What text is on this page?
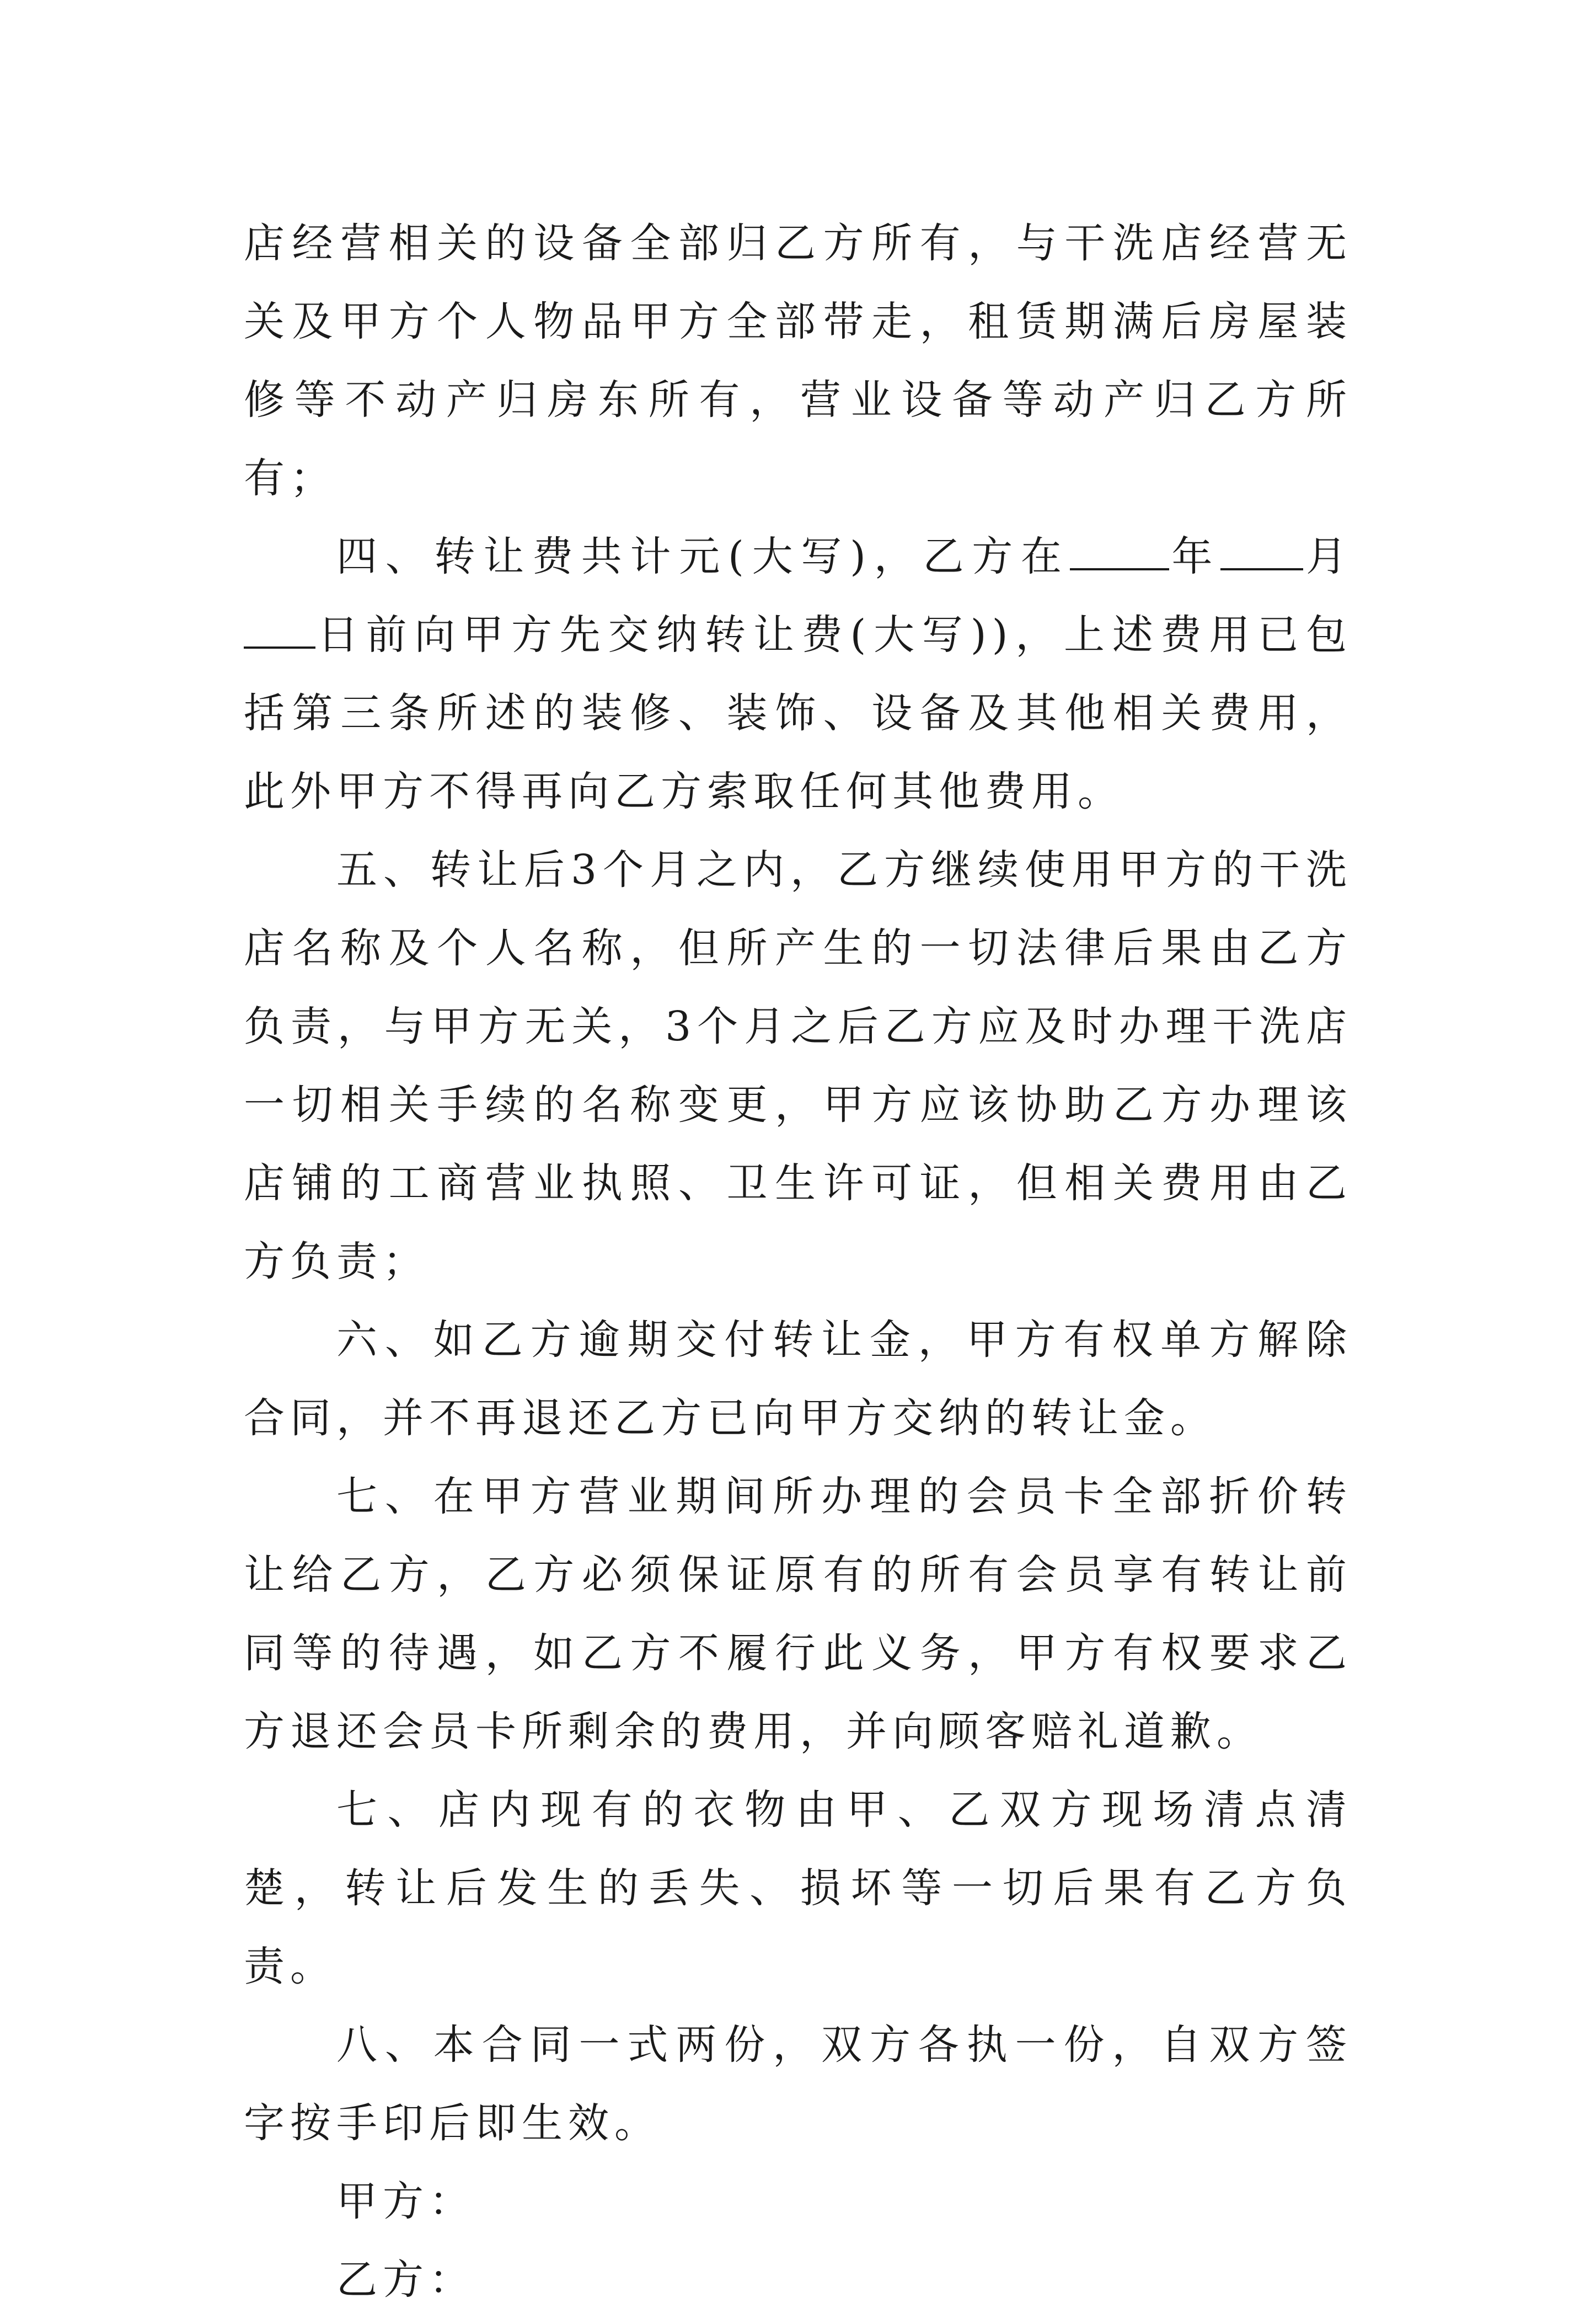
店经营相关的设备全部归乙方所有，与干洗店经营无关及甲方个人物品甲方全部带走，租赁期满后房屋装修等不动产归房东所有，营业设备等动产归乙方所有；

四、转让费共计元(大写)，乙方在 年 月日前向甲方先交纳转让费(大写))，上述费用已包括第三条所述的装修、装饰、设备及其他相关费用，此外甲方不得再向乙方索取任何其他费用。

五、转让后3个月之内，乙方继续使用甲方的干洗店名称及个人名称，但所产生的一切法律后果由乙方负责，与甲方无关，3个月之后乙方应及时办理干洗店一切相关手续的名称变更，甲方应该协助乙方办理该店铺的工商营业执照、卫生许可证，但相关费用由乙方负责；

六、如乙方逾期交付转让金，甲方有权单方解除合同，并不再退还乙方已向甲方交纳的转让金。

七、在甲方营业期间所办理的会员卡全部折价转让给乙方，乙方必须保证原有的所有会员享有转让前同等的待遇，如乙方不履行此义务，甲方有权要求乙方退还会员卡所剩余的费用，并向顾客赔礼道歉。

七、店内现有的衣物由甲、乙双方现场清点清楚，转让后发生的丢失、损坏等一切后果有乙方负责。

八、本合同一式两份，双方各执一份，自双方签字按手印后即生效。

甲方：

乙方：
